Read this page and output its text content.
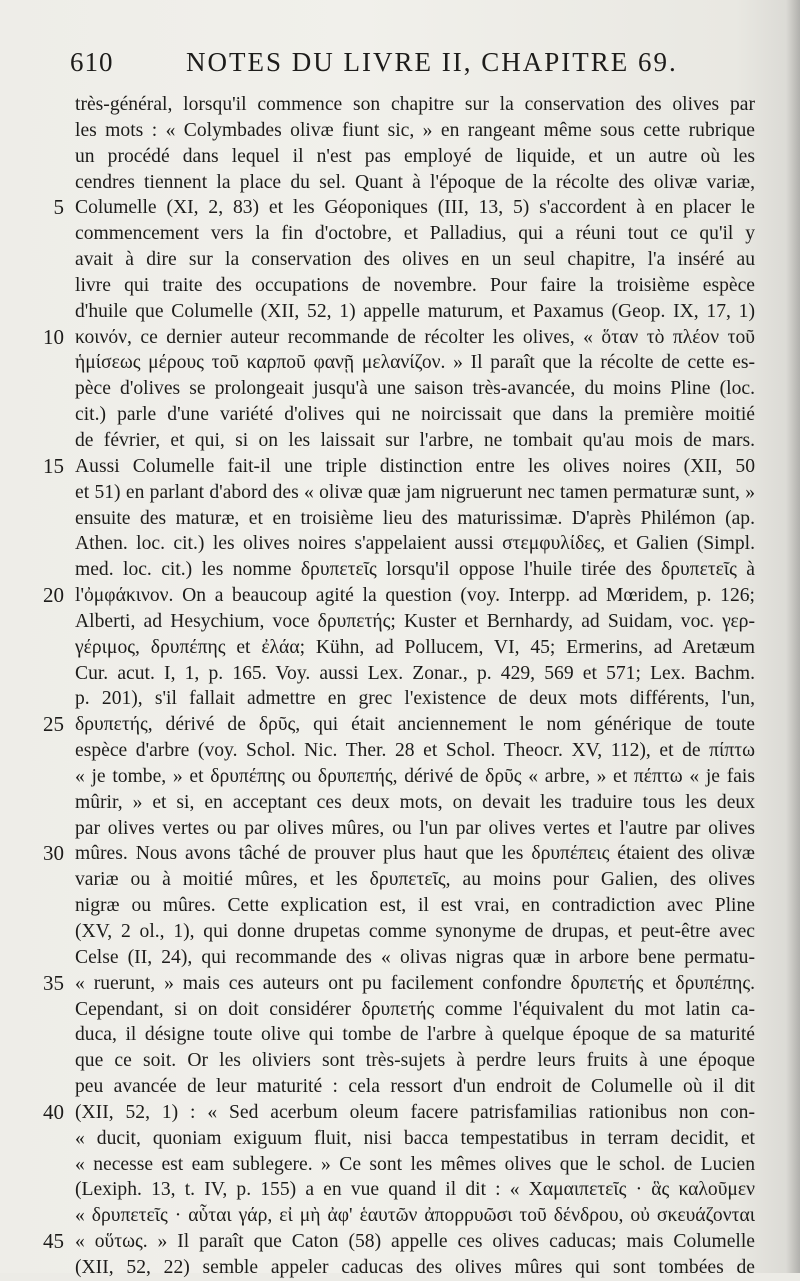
610	NOTES DU LIVRE II, CHAPITRE 69.
très-général, lorsqu'il commence son chapitre sur la conservation des olives par
les mots : « Colymbades olivæ fiunt sic, » en rangeant même sous cette rubrique
un procédé dans lequel il n'est pas employé de liquide, et un autre où les
cendres tiennent la place du sel. Quant à l'époque de la récolte des olivæ variæ,
5 Columelle (XI, 2, 83) et les Géoponiques (III, 13, 5) s'accordent à en placer le
commencement vers la fin d'octobre, et Palladius, qui a réuni tout ce qu'il y
avait à dire sur la conservation des olives en un seul chapitre, l'a inséré au
livre qui traite des occupations de novembre. Pour faire la troisième espèce
d'huile que Columelle (XII, 52, 1) appelle maturum, et Paxamus (Geop. IX, 17, 1)
10 κοινόν, ce dernier auteur recommande de récolter les olives, « ὅταν τὸ πλέον τοῦ
ἡμίσεως μέρους τοῦ καρποῦ φανῇ μελανίζον. » Il paraît que la récolte de cette es-
pèce d'olives se prolongeait jusqu'à une saison très-avancée, du moins Pline (loc.
cit.) parle d'une variété d'olives qui ne noircissait que dans la première moitié
de février, et qui, si on les laissait sur l'arbre, ne tombait qu'au mois de mars.
15 Aussi Columelle fait-il une triple distinction entre les olives noires (XII, 50
et 51) en parlant d'abord des « olivæ quæ jam nigruerunt nec tamen permaturæ sunt, »
ensuite des maturæ, et en troisième lieu des maturissimæ. D'après Philémon (ap.
Athen. loc. cit.) les olives noires s'appelaient aussi στεμφυλίδες, et Galien (Simpl.
med. loc. cit.) les nomme δρυπετεῖς lorsqu'il oppose l'huile tirée des δρυπετεῖς à
20 l'ὀμφάκινον. On a beaucoup agité la question (voy. Interpp. ad Mœridem, p. 126;
Alberti, ad Hesychium, voce δρυπετής; Kuster et Bernhardy, ad Suidam, voc. γερ-
γέριμος, δρυπέπης et ἐλάα; Kühn, ad Pollucem, VI, 45; Ermerins, ad Aretæum
Cur. acut. I, 1, p. 165. Voy. aussi Lex. Zonar., p. 429, 569 et 571; Lex. Bachm.
p. 201), s'il fallait admettre en grec l'existence de deux mots différents, l'un,
25 δρυπετής, dérivé de δρῦς, qui était anciennement le nom générique de toute
espèce d'arbre (voy. Schol. Nic. Ther. 28 et Schol. Theocr. XV, 112), et de πίπτω
« je tombe, » et δρυπέπης ou δρυπεπής, dérivé de δρῦς « arbre, » et πέπτω « je fais
mûrir, » et si, en acceptant ces deux mots, on devait les traduire tous les deux
par olives vertes ou par olives mûres, ou l'un par olives vertes et l'autre par olives
30 mûres. Nous avons tâché de prouver plus haut que les δρυπέπεις étaient des olivæ
variæ ou à moitié mûres, et les δρυπετεῖς, au moins pour Galien, des olives
nigræ ou mûres. Cette explication est, il est vrai, en contradiction avec Pline
(XV, 2 ol., 1), qui donne drupetas comme synonyme de drupas, et peut-être avec
Celse (II, 24), qui recommande des « olivas nigras quæ in arbore bene permatu-
35 « ruerunt, » mais ces auteurs ont pu facilement confondre δρυπετής et δρυπέπης.
Cependant, si on doit considérer δρυπετής comme l'équivalent du mot latin ca-
duca, il désigne toute olive qui tombe de l'arbre à quelque époque de sa maturité
que ce soit. Or les oliviers sont très-sujets à perdre leurs fruits à une époque
peu avancée de leur maturité : cela ressort d'un endroit de Columelle où il dit
40 (XII, 52, 1) : « Sed acerbum oleum facere patrisfamilias rationibus non con-
« ducit, quoniam exiguum fluit, nisi bacca tempestatibus in terram decidit, et
« necesse est eam sublegere. » Ce sont les mêmes olives que le schol. de Lucien
(Lexiph. 13, t. IV, p. 155) a en vue quand il dit : « Χαμαιπετεῖς · ἃς καλοῦμεν
« δρυπετεῖς · αὗται γάρ, εἰ μὴ ἀφ' ἑαυτῶν ἀπορρυῶσι τοῦ δένδρου, οὐ σκευάζονται
45 « οὕτως. » Il paraît que Caton (58) appelle ces olives caducas; mais Columelle
(XII, 52, 22) semble appeler caducas des olives mûres qui sont tombées de
